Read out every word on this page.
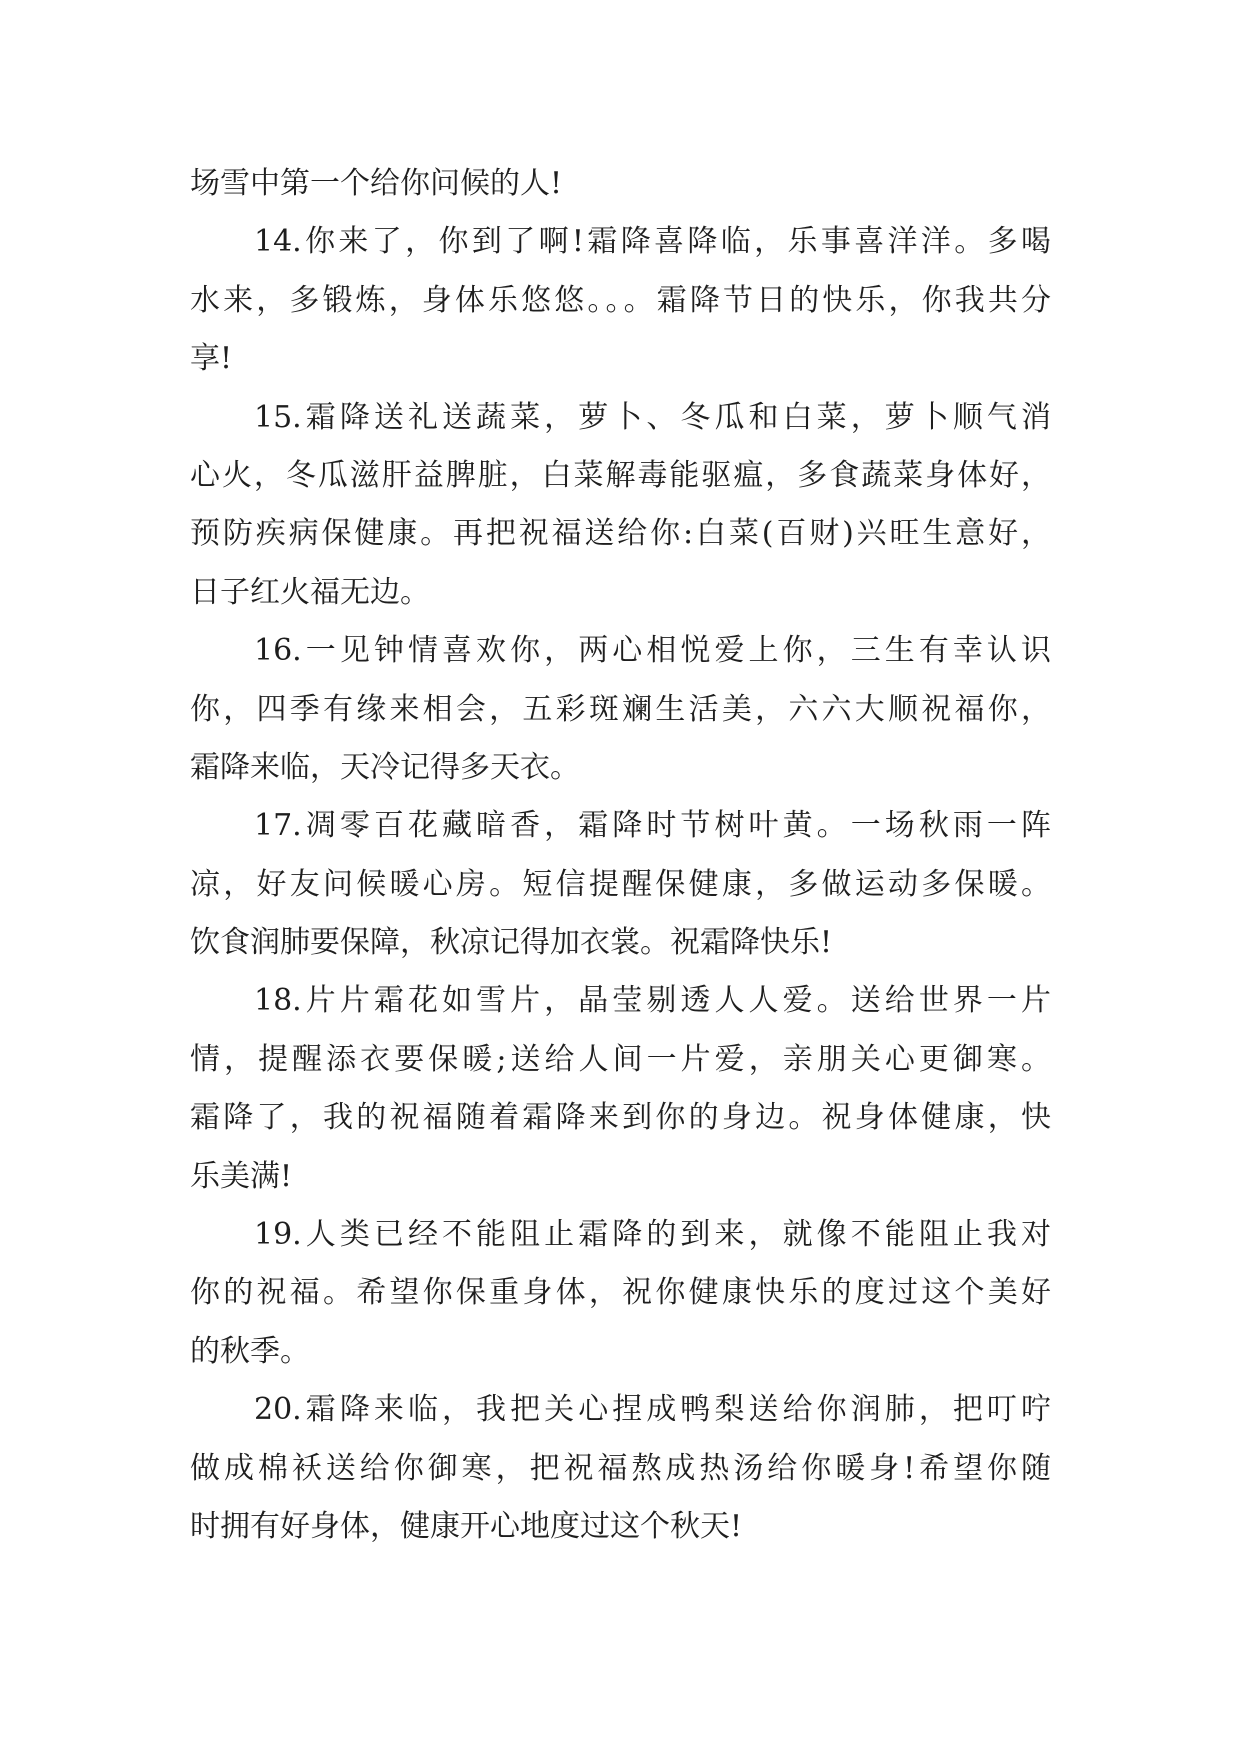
场雪中第一个给你问候的人!
14.你来了，你到了啊!霜降喜降临，乐事喜洋洋。多喝
水来，多锻炼，身体乐悠悠。。。霜降节日的快乐，你我共分
享!
15.霜降送礼送蔬菜，萝卜、冬瓜和白菜，萝卜顺气消
心火，冬瓜滋肝益脾脏，白菜解毒能驱瘟，多食蔬菜身体好，
预防疾病保健康。再把祝福送给你:白菜(百财)兴旺生意好，
日子红火福无边。
16.一见钟情喜欢你，两心相悦爱上你，三生有幸认识
你，四季有缘来相会，五彩斑斓生活美，六六大顺祝福你，
霜降来临，天冷记得多天衣。
17.凋零百花藏暗香，霜降时节树叶黄。一场秋雨一阵
凉，好友问候暖心房。短信提醒保健康，多做运动多保暖。
饮食润肺要保障，秋凉记得加衣裳。祝霜降快乐!
18.片片霜花如雪片，晶莹剔透人人爱。送给世界一片
情，提醒添衣要保暖;送给人间一片爱，亲朋关心更御寒。
霜降了，我的祝福随着霜降来到你的身边。祝身体健康，快
乐美满!
19.人类已经不能阻止霜降的到来，就像不能阻止我对
你的祝福。希望你保重身体，祝你健康快乐的度过这个美好
的秋季。
20.霜降来临，我把关心捏成鸭梨送给你润肺，把叮咛
做成棉袄送给你御寒，把祝福熬成热汤给你暖身!希望你随
时拥有好身体，健康开心地度过这个秋天!
